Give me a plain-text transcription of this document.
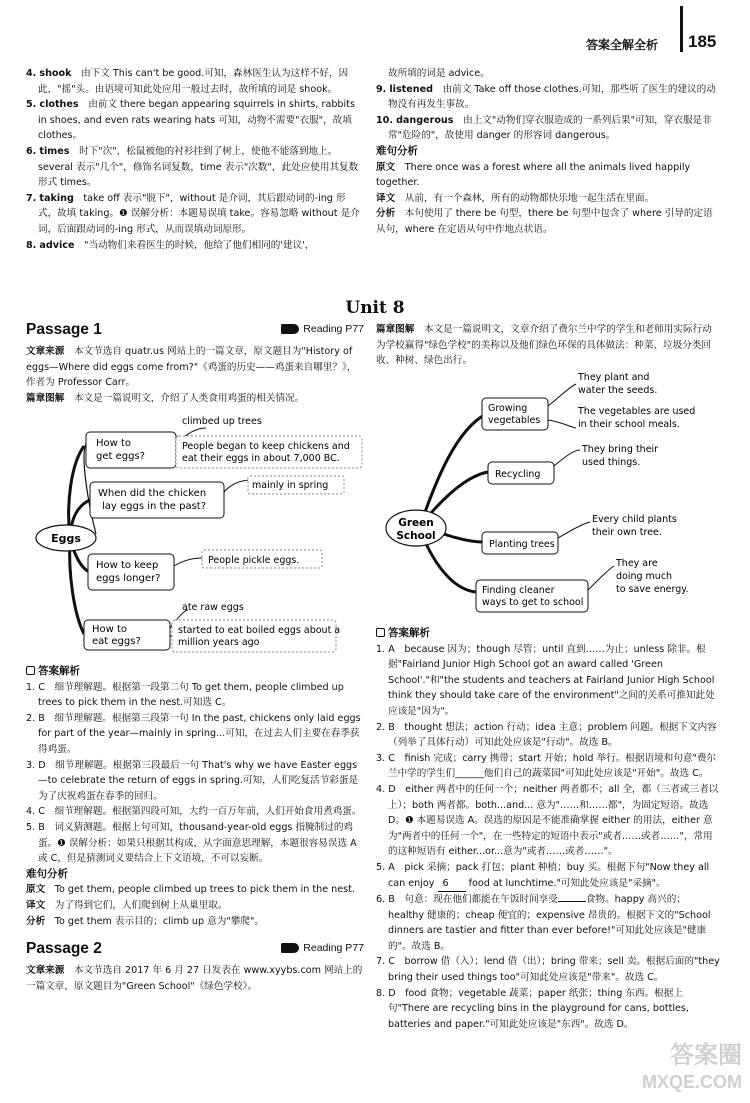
答案全解全析 185

4. shook　 由下文 This can't be good.可知，森林医生认为这样不好，因此，"摇"头。由语境可知此处应用一般过去时，故所填的词是 shook。

5. clothes　 由前文 there began appearing squirrels in shirts, rabbits in shoes, and even rats wearing hats 可知，动物不需要"衣服"，故填 clothes。

6. times　 时下"次"，松鼠被他的衬衫挂到了树上，使他不能落到地上。several 表示"几个"，修饰名词复数，time 表示"次数"，此处应使用其复数形式 times。

7. taking　 take off 表示"脱下"，without 是介词，其后跟动词的-ing 形式，故填 taking。❶ 误解分析：本题易误填 take。容易忽略 without 是介词，后面跟动词的-ing 形式，从而误填动词原形。

8. advice　 "当动物们来看医生的时候，他给了他们相同的'建议'，

故所填的词是 advice。

9. listened　 由前文 Take off those clothes.可知，那些听了医生的建议的动物没有再发生事故。

10. dangerous　 由上文"动物们穿衣服造成的一系列后果"可知，穿衣服是非常"危险的"，故使用 danger 的形容词 dangerous。

难句分析

原文　 There once was a forest where all the animals lived happily together.

译文　 从前，有一个森林，所有的动物都快乐地一起生活在里面。

分析　 本句使用了 there be 句型，there be 句型中包含了 where 引导的定语从句，where 在定语从句中作地点状语。

Unit 8
Passage 1	Reading P77

文章来源　 本文节选自 quatr.us 网站上的一篇文章，原文题目为"History of eggs—Where did eggs come from?"《鸡蛋的历史——鸡蛋来自哪里？》，作者为 Professor Carr。

篇章图解　 本文是一篇说明文，介绍了人类食用鸡蛋的相关情况。

Eggs
How to get eggs?
climbed up trees
People began to keep chickens and eat their eggs in about 7,000 BC.
When did the chicken lay eggs in the past?
mainly in spring
How to keep eggs longer?
People pickle eggs.
How to eat eggs?
ate raw eggs
started to eat boiled eggs about a million years ago

答案解析

1. C　细节理解题。根据第一段第二句 To get them, people climbed up trees to pick them in the nest.可知选 C。

2. B　细节理解题。根据第三段第一句 In the past, chickens only laid eggs for part of the year—mainly in spring...可知，在过去人们主要在春季获得鸡蛋。

3. D　细节理解题。根据第三段最后一句 That's why we have Easter eggs—to celebrate the return of eggs in spring.可知，人们吃复活节彩蛋是为了庆祝鸡蛋在春季的回归。

4. C　细节理解题。根据第四段可知，大约一百万年前，人们开始食用煮鸡蛋。

5. B　词义猜测题。根据上句可知，thousand-year-old eggs 指腌制过的鸡蛋。❶ 误解分析：如果只根据其构成，从字面意思理解，本题很容易误选 A 或 C，但是猜测词义要结合上下文语境，不可以妄断。

难句分析

原文　 To get them, people climbed up trees to pick them in the nest.

译文　 为了得到它们，人们爬到树上从巢里取。

分析　 To get them 表示目的；climb up 意为"攀爬"。

Passage 2	Reading P77

文章来源　 本文节选自 2017 年 6 月 27 日发表在 www.xyybs.com 网站上的一篇文章，原文题目为"Green School"《绿色学校》。

篇章图解　 本文是一篇说明文，文章介绍了费尔兰中学的学生和老师用实际行动为学校赢得"绿色学校"的美称以及他们绿色环保的具体做法：种菜、垃圾分类回收、种树、绿色出行。

Green School
Growing vegetables
They plant and water the seeds.
The vegetables are used in their school meals.
Recycling
They bring their used things.
Planting trees
Every child plants their own tree.
Finding cleaner ways to get to school
They are doing much to save energy.

答案解析

1. A　because 因为；though 尽管；until 直到……为止；unless 除非。根据"Fairland Junior High School got an award called 'Green School'."和"the students and teachers at Fairland Junior High School think they should take care of the environment"之间的关系可推知此处应该是"因为"。

2. B　thought 想法；action 行动；idea 主意；problem 问题。根据下文内容（列举了具体行动）可知此处应该是"行动"。故选 B。

3. C　finish 完成；carry 携带；start 开始；hold 举行。根据语境和句意"费尔兰中学的学生们______他们自己的蔬菜园"可知此处应该是"开始"。故选 C。

4. D　either 两者中的任何一个；neither 两者都不；all 全，都（三者或三者以上）；both 两者都。both...and... 意为"……和……都"，为固定短语。故选 D。❶ 本题易误选 A。误选的原因是不能准确掌握 either 的用法，either 意为"两者中的任何一个"，在一些特定的短语中表示"或者……或者……"，常用的这种短语有 either...or...意为"或者……或者……"。

5. A　pick 采摘；pack 打包；plant 种植；buy 买。根据下句"Now they all can enjoy 6 food at lunchtime."可知此处应该是"采摘"。

6. B　句意：现在他们都能在午饭时间享受	食物。happy 高兴的；healthy 健康的；cheap 便宜的；expensive 昂贵的。根据下文的"School dinners are tastier and fitter than ever before!"可知此处应该是"健康的"。故选 B。

7. C　borrow 借（入）；lend 借（出）；bring 带来；sell 卖。根据后面的"they bring their used things too"可知此处应该是"带来"。故选 C。

8. D　food 食物；vegetable 蔬菜；paper 纸张；thing 东西。根据上句"There are recycling bins in the playground for cans, bottles, batteries and paper."可知此处应该是"东西"。故选 D。

答案圈
MXQE.COM
